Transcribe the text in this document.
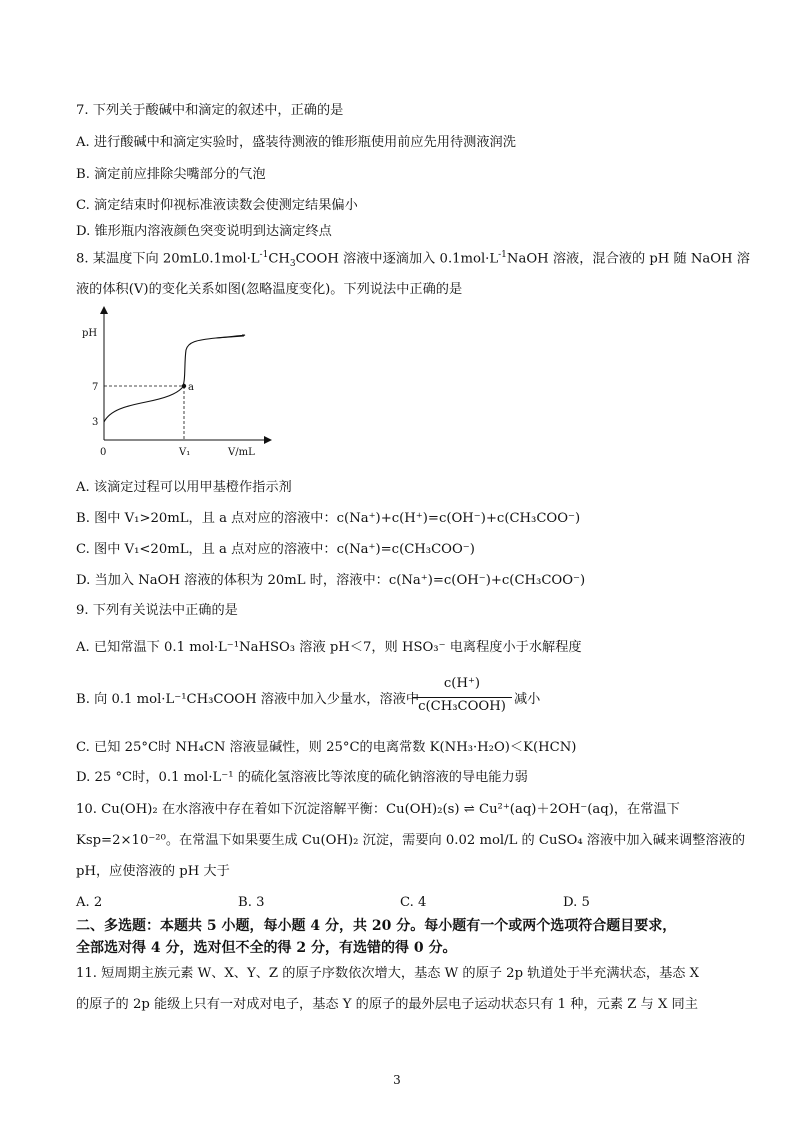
7. 下列关于酸碱中和滴定的叙述中，正确的是
A. 进行酸碱中和滴定实验时，盛装待测液的锥形瓶使用前应先用待测液润洗
B. 滴定前应排除尖嘴部分的气泡
C. 滴定结束时仰视标准液读数会使测定结果偏小
D. 锥形瓶内溶液颜色突变说明到达滴定终点
8. 某温度下向 $20mL0.1mol\cdot L^{-1}CH_3COOH$ 溶液中逐滴加入 $0.1mol\cdot L^{-1}NaOH$ 溶液，混合液的 pH 随 NaOH 溶
液的体积(V)的变化关系如图(忽略温度变化)。下列说法中正确的是
pH
V/mL
0
7
3
V₁
a
A. 该滴定过程可以用甲基橙作指示剂
B. 图中 V₁>20mL，且 a 点对应的溶液中：c(Na⁺)+c(H⁺)=c(OH⁻)+c(CH₃COO⁻)
C. 图中 V₁<20mL，且 a 点对应的溶液中：c(Na⁺)=c(CH₃COO⁻)
D. 当加入 NaOH 溶液的体积为 20mL 时，溶液中：c(Na⁺)=c(OH⁻)+c(CH₃COO⁻)
9. 下列有关说法中正确的是
A. 已知常温下 0.1 mol·L⁻¹NaHSO₃ 溶液 pH＜7，则 HSO₃⁻ 电离程度小于水解程度
B. 向 0.1 mol·L⁻¹CH₃COOH 溶液中加入少量水，溶液中
c(H⁺)
c(CH₃COOH) 减小
C. 已知 25°C时 NH₄CN 溶液显碱性，则 25°C的电离常数 K(NH₃·H₂O)＜K(HCN)
D. 25 °C时，0.1 mol·L⁻¹ 的硫化氢溶液比等浓度的硫化钠溶液的导电能力弱
10. Cu(OH)₂ 在水溶液中存在着如下沉淀溶解平衡：Cu(OH)₂(s) ⇌ Cu²⁺(aq)＋2OH⁻(aq)，在常温下
Ksp=2×10⁻²⁰。在常温下如果要生成 Cu(OH)₂ 沉淀，需要向 0.02 mol/L 的 CuSO₄ 溶液中加入碱来调整溶液的
pH，应使溶液的 pH 大于
A. 2	B. 3	C. 4	D. 5
二、多选题：本题共 5 小题，每小题 4 分，共 20 分。每小题有一个或两个选项符合题目要求，
全部选对得 4 分，选对但不全的得 2 分，有选错的得 0 分。
11. 短周期主族元素 W、X、Y、Z 的原子序数依次增大，基态 W 的原子 2p 轨道处于半充满状态，基态 X
的原子的 2p 能级上只有一对成对电子，基态 Y 的原子的最外层电子运动状态只有 1 种，元素 Z 与 X 同主
3
